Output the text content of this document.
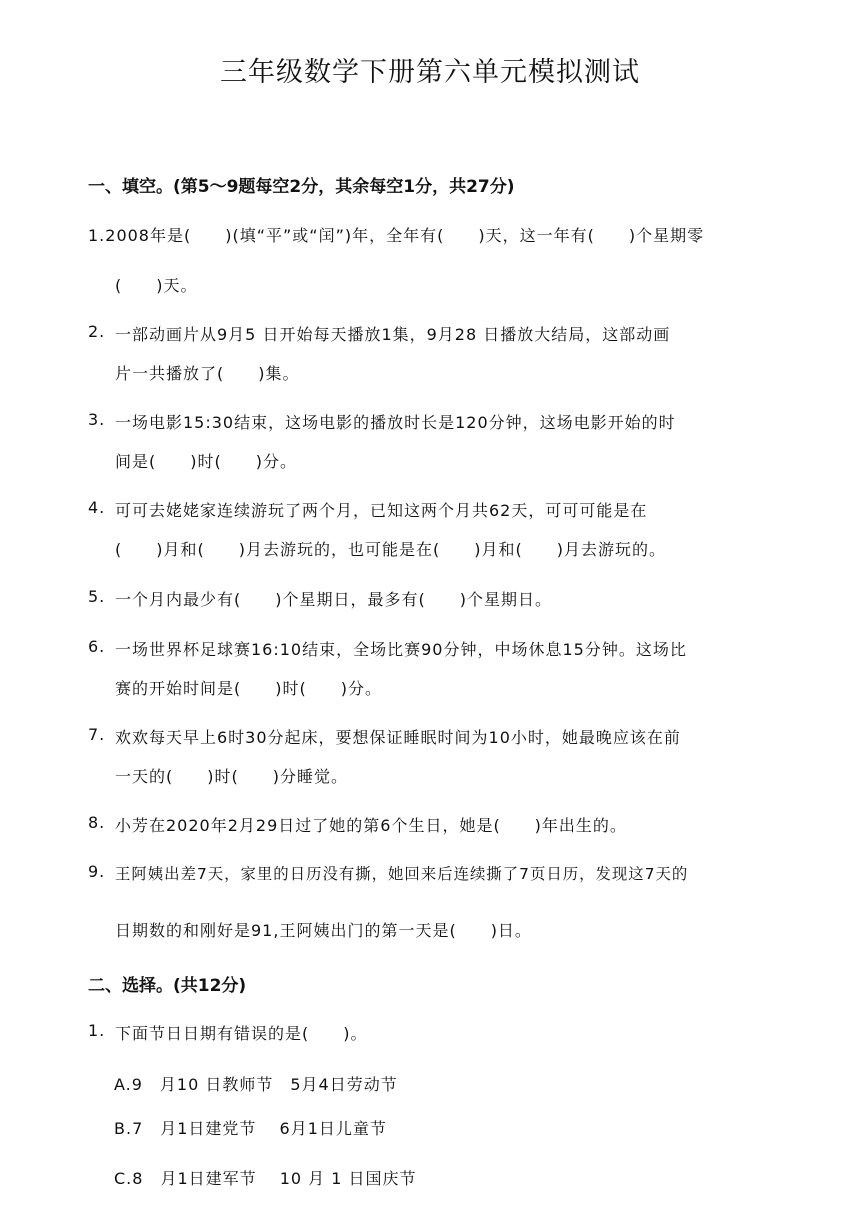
三年级数学下册第六单元模拟测试
一、填空。(第5～9题每空2分，其余每空1分，共27分)
1.2008年是(　　)(填“平”或“闰”)年，全年有(　　)天，这一年有(　　)个星期零
(　　)天。
2. 一部动画片从9月5 日开始每天播放1集，9月28 日播放大结局，这部动画
片一共播放了(　　)集。
3. 一场电影15:30结束，这场电影的播放时长是120分钟，这场电影开始的时
间是(　　)时(　　)分。
4. 可可去姥姥家连续游玩了两个月，已知这两个月共62天，可可可能是在
(　　)月和(　　)月去游玩的，也可能是在(　　)月和(　　)月去游玩的。
5. 一个月内最少有(　　)个星期日，最多有(　　)个星期日。
6. 一场世界杯足球赛16:10结束，全场比赛90分钟，中场休息15分钟。这场比
赛的开始时间是(　　)时(　　)分。
7. 欢欢每天早上6时30分起床，要想保证睡眠时间为10小时，她最晚应该在前
一天的(　　)时(　　)分睡觉。
8. 小芳在2020年2月29日过了她的第6个生日，她是(　　)年出生的。
9. 王阿姨出差7天，家里的日历没有撕，她回来后连续撕了7页日历，发现这7天的
日期数的和刚好是91,王阿姨出门的第一天是(　　)日。
二、选择。(共12分)
1. 下面节日日期有错误的是(　　)。
A.9　月10 日教师节　5月4日劳动节
B.7　月1日建党节　 6月1日儿童节
C.8　月1日建军节　 10 月 1 日国庆节
